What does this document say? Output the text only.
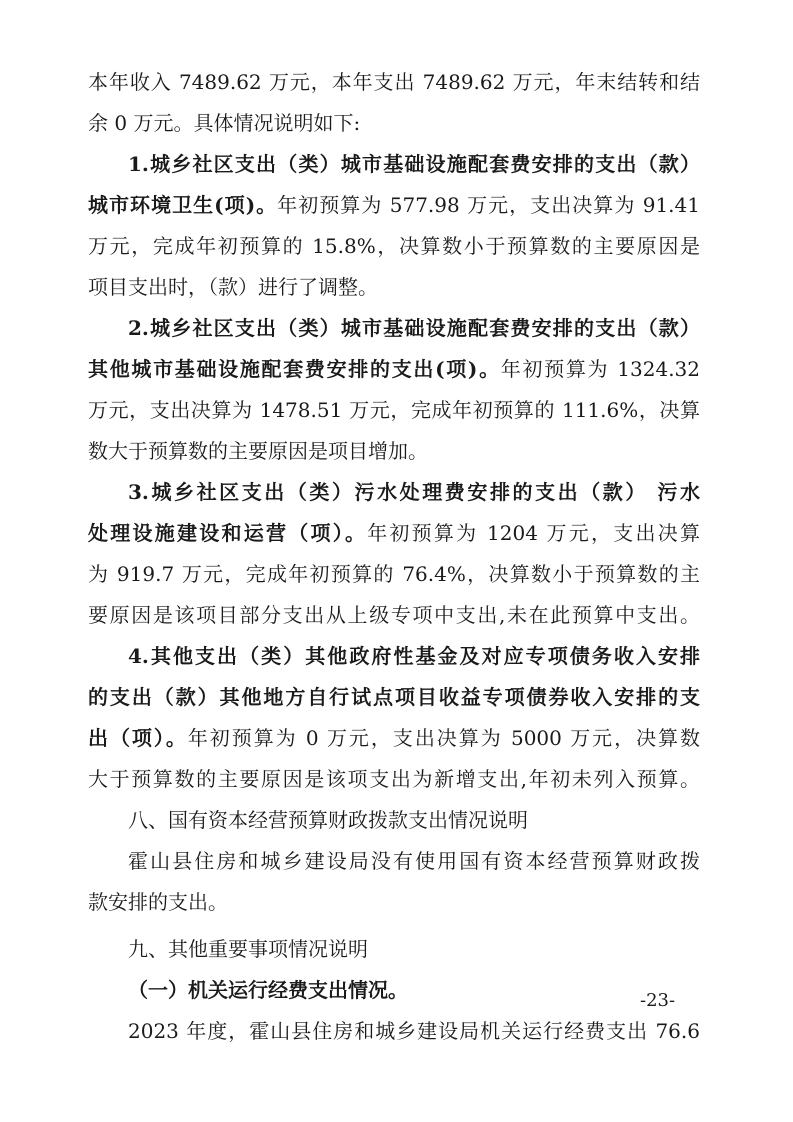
本年收入 7489.62 万元，本年支出 7489.62 万元，年末结转和结
余 0 万元。具体情况说明如下:
1.城乡社区支出（类）城市基础设施配套费安排的支出（款）
城市环境卫生(项)。年初预算为 577.98 万元，支出决算为 91.41
万元，完成年初预算的 15.8%，决算数小于预算数的主要原因是
项目支出时，（款）进行了调整。
2.城乡社区支出（类）城市基础设施配套费安排的支出（款）
其他城市基础设施配套费安排的支出(项)。年初预算为 1324.32
万元，支出决算为 1478.51 万元，完成年初预算的 111.6%，决算
数大于预算数的主要原因是项目增加。
3.城乡社区支出（类）污水处理费安排的支出（款） 污水
处理设施建设和运营（项）。年初预算为 1204 万元，支出决算
为 919.7 万元，完成年初预算的 76.4%，决算数小于预算数的主
要原因是该项目部分支出从上级专项中支出,未在此预算中支出。
4.其他支出（类）其他政府性基金及对应专项债务收入安排
的支出（款）其他地方自行试点项目收益专项债券收入安排的支
出（项）。年初预算为 0 万元，支出决算为 5000 万元，决算数
大于预算数的主要原因是该项支出为新增支出,年初未列入预算。
八、国有资本经营预算财政拨款支出情况说明
霍山县住房和城乡建设局没有使用国有资本经营预算财政拨
款安排的支出。
九、其他重要事项情况说明
（一）机关运行经费支出情况。
2023 年度，霍山县住房和城乡建设局机关运行经费支出 76.6
-23-
